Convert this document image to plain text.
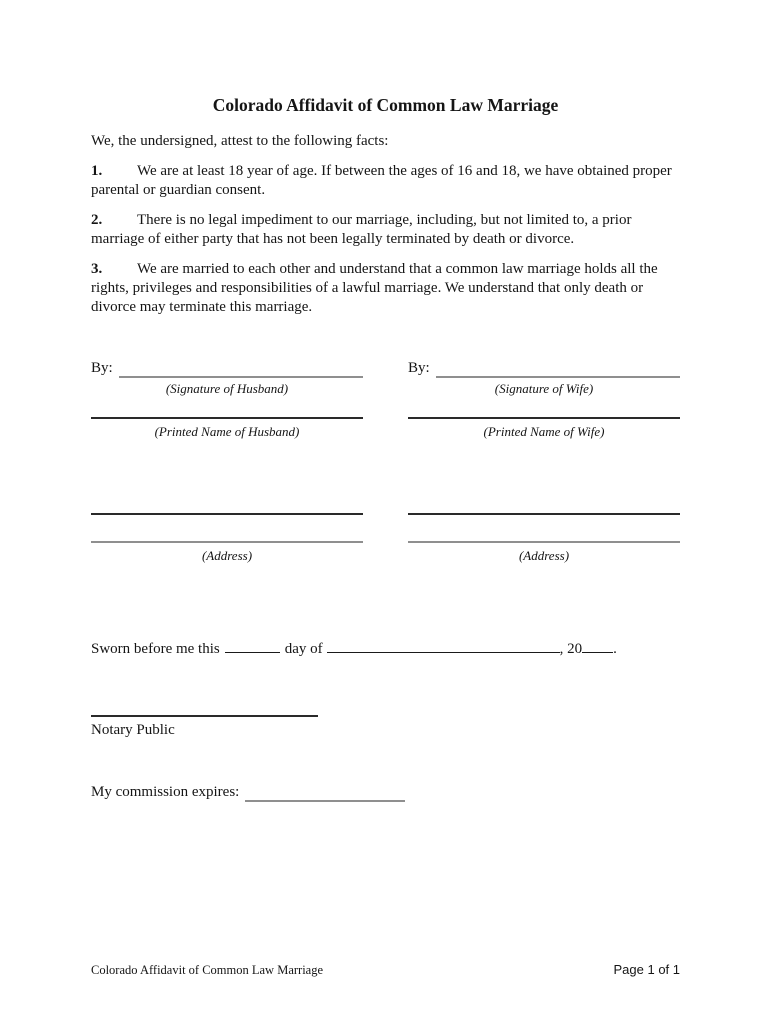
Colorado Affidavit of Common Law Marriage

We, the undersigned, attest to the following facts:

1. We are at least 18 year of age. If between the ages of 16 and 18, we have obtained proper parental or guardian consent.

2. There is no legal impediment to our marriage, including, but not limited to, a prior marriage of either party that has not been legally terminated by death or divorce.

3. We are married to each other and understand that a common law marriage holds all the rights, privileges and responsibilities of a lawful marriage. We understand that only death or divorce may terminate this marriage.

By:
(Signature of Husband)
(Printed Name of Husband)
(Address)
By:
(Signature of Wife)
(Printed Name of Wife)
(Address)

Sworn before me this	day of	, 20 .

Notary Public
My commission expires:
Colorado Affidavit of Common Law Marriage	Page 1 of 1
